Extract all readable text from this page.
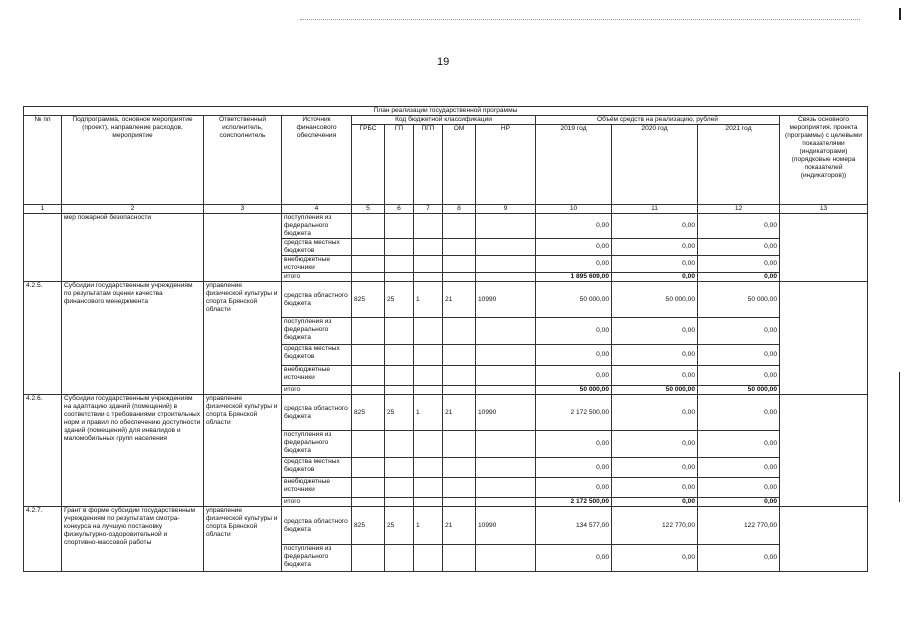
19
План реализации государственной программы												
№ пп	Подпрограмма, основное мероприятие (проект), направление расходов, мероприятие	Ответственный исполнитель, соисполнитель	Источник финансового обеспечения	Код бюджетной классификации					Объём средств на реализацию, рублей			Связь основного мероприятия, проекта (программы) с целевыми показателями (индикаторами) (порядковые номера показателей (индикаторов))
				ГРБС	ГП	ПГП	ОМ	НР	2019 год	2020 год	2021 год	
1	2	3	4	5	6	7	8	9	10	11	12	13
	мер пожарной безопасности		поступления из федерального бюджета						0,00	0,00	0,00	
			средства местных бюджетов						0,00	0,00	0,00	
			внебюджетные источники						0,00	0,00	0,00	
			итого						1 895 609,00	0,00	0,00	
4.2.5.	Субсидии государственным учреждениям по результатам оценки качества финансового менеджмента	управление физической культуры и спорта Брянской области	средства областного бюджета	825	25	1	21	10990	50 000,00	50 000,00	50 000,00	
			поступления из федерального бюджета						0,00	0,00	0,00	
			средства местных бюджетов						0,00	0,00	0,00	
			внебюджетные источники						0,00	0,00	0,00	
			итого						50 000,00	50 000,00	50 000,00	
4.2.6.	Субсидии государственным учреждениям на адаптацию зданий (помещений) в соответствии с требованиями строительных норм и правил по обеспечению доступности зданий (помещений) для инвалидов и маломобильных групп населения	управление физической культуры и спорта Брянской области	средства областного бюджета	825	25	1	21	10990	2 172 500,00	0,00	0,00	
			поступления из федерального бюджета						0,00	0,00	0,00	
			средства местных бюджетов						0,00	0,00	0,00	
			внебюджетные источники						0,00	0,00	0,00	
			итого						2 172 500,00	0,00	0,00	
4.2.7.	Грант в форме субсидии государственным учреждениям по результатам смотра-конкурса на лучшую постановку физкультурно-оздоровительной и спортивно-массовой работы	управление физической культуры и спорта Брянской области	средства областного бюджета	825	25	1	21	10990	134 577,00	122 770,00	122 770,00	
			поступления из федерального бюджета						0,00	0,00	0,00	
